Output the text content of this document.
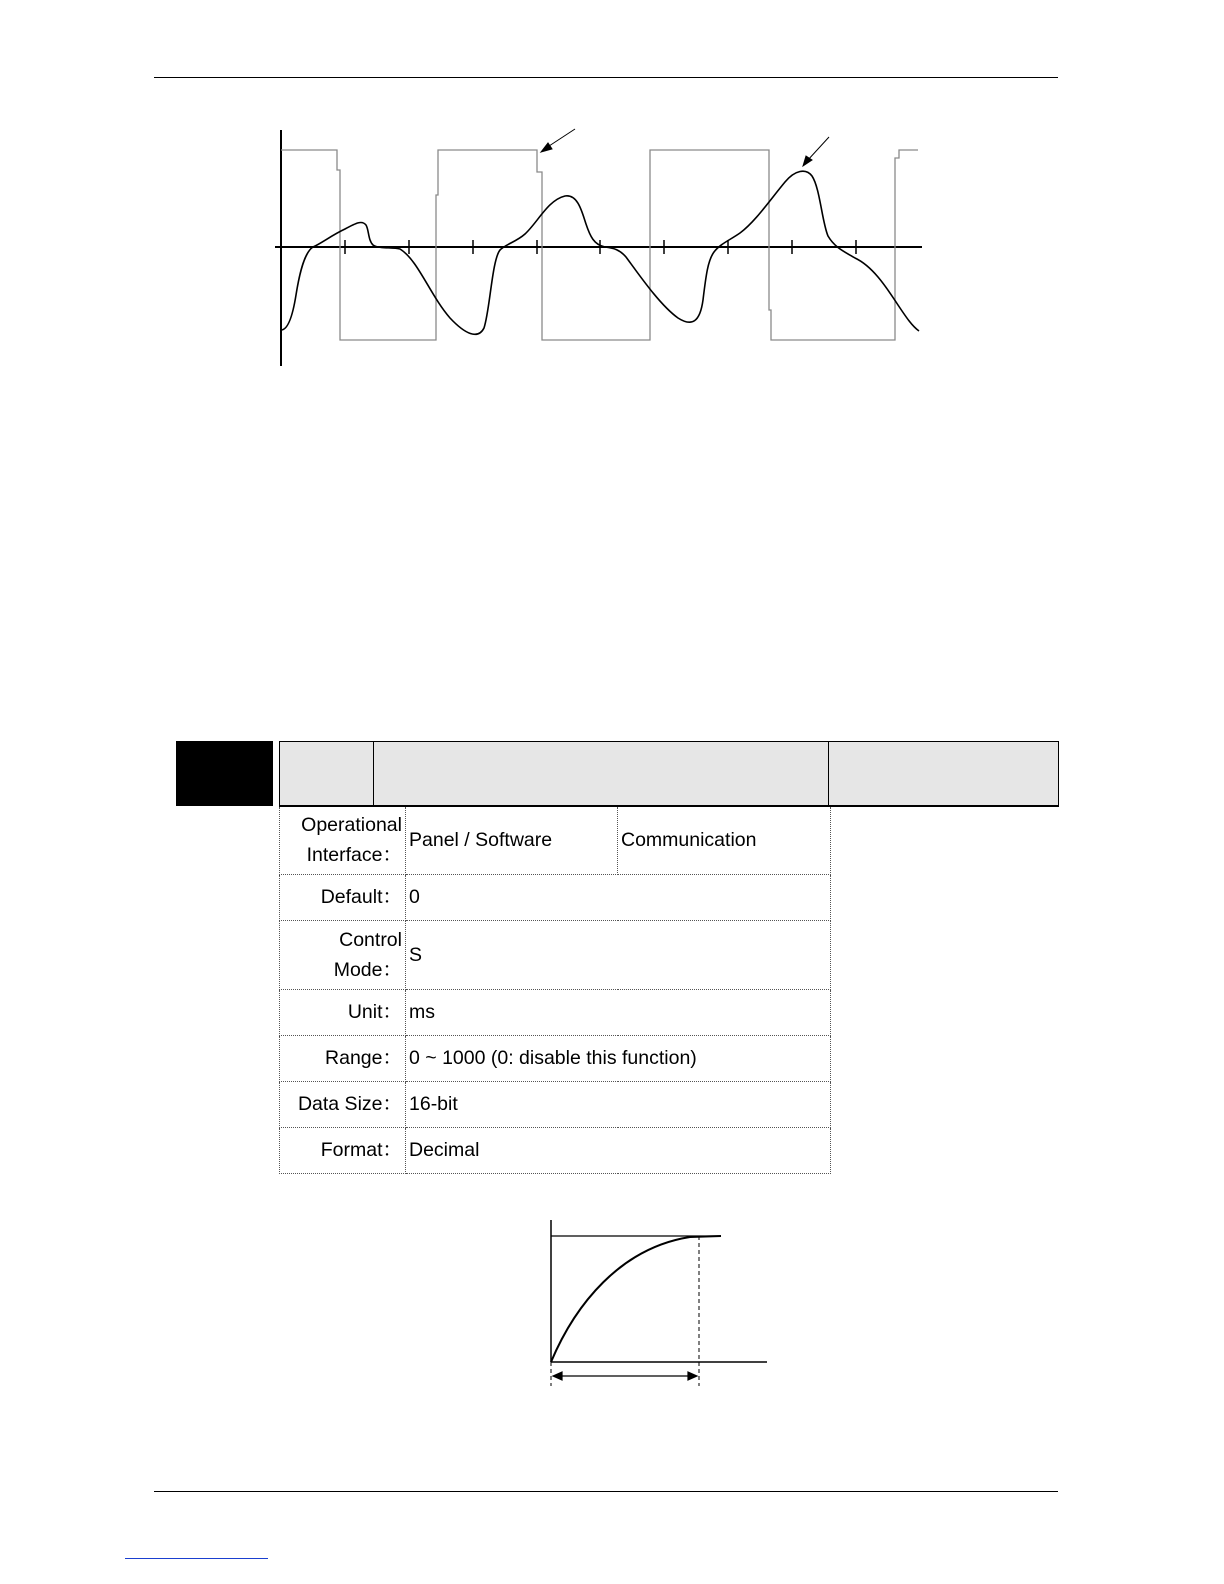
Operational
Interface：	Panel / Software	Communication
Default：	0	

Control
Mode：	S	
Unit：	ms	
Range：	0 ~ 1000 (0: disable this function)	
Data Size：	16-bit	
Format：	Decimal	
